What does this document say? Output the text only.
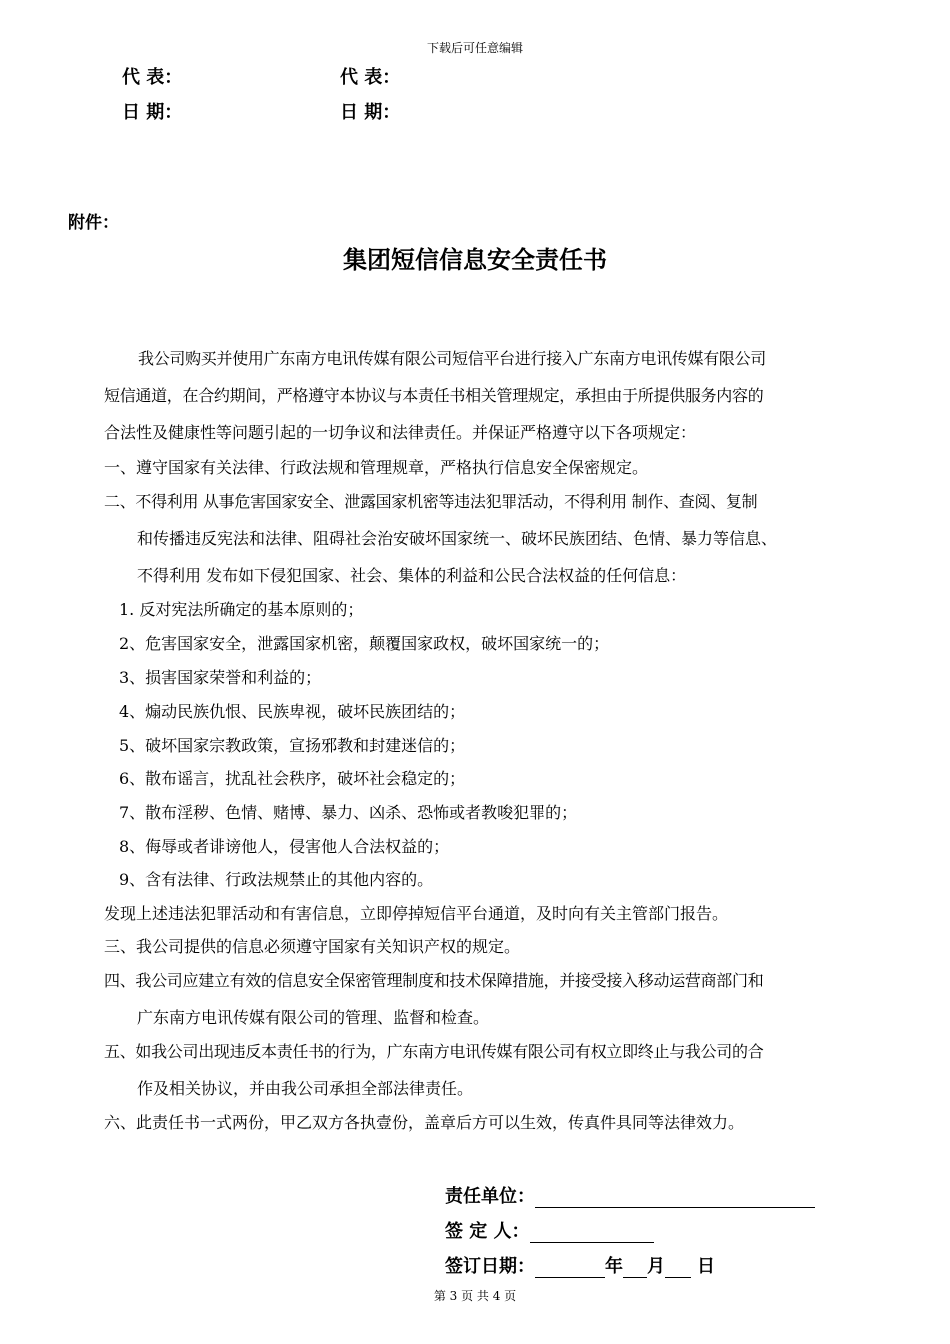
下载后可任意编辑
代 表：	代 表：
日 期：	日 期：
附件：
集团短信信息安全责任书
我公司购买并使用广东南方电讯传媒有限公司短信平台进行接入广东南方电讯传媒有限公司
短信通道，在合约期间，严格遵守本协议与本责任书相关管理规定，承担由于所提供服务内容的
合法性及健康性等问题引起的一切争议和法律责任。并保证严格遵守以下各项规定：
一、遵守国家有关法律、行政法规和管理规章，严格执行信息安全保密规定。
二、不得利用 从事危害国家安全、泄露国家机密等违法犯罪活动，不得利用 制作、查阅、复制
和传播违反宪法和法律、阻碍社会治安破坏国家统一、破坏民族团结、色情、暴力等信息、
不得利用 发布如下侵犯国家、社会、集体的利益和公民合法权益的任何信息：
1. 反对宪法所确定的基本原则的；
2、危害国家安全，泄露国家机密，颠覆国家政权，破坏国家统一的；
3、损害国家荣誉和利益的；
4、煽动民族仇恨、民族卑视，破坏民族团结的；
5、破坏国家宗教政策，宣扬邪教和封建迷信的；
6、散布谣言，扰乱社会秩序，破坏社会稳定的；
7、散布淫秽、色情、赌博、暴力、凶杀、恐怖或者教唆犯罪的；
8、侮辱或者诽谤他人，侵害他人合法权益的；
9、含有法律、行政法规禁止的其他内容的。
发现上述违法犯罪活动和有害信息，立即停掉短信平台通道，及时向有关主管部门报告。
三、我公司提供的信息必须遵守国家有关知识产权的规定。
四、我公司应建立有效的信息安全保密管理制度和技术保障措施，并接受接入移动运营商部门和
广东南方电讯传媒有限公司的管理、监督和检查。
五、如我公司出现违反本责任书的行为，广东南方电讯传媒有限公司有权立即终止与我公司的合
作及相关协议，并由我公司承担全部法律责任。
六、此责任书一式两份，甲乙双方各执壹份，盖章后方可以生效，传真件具同等法律效力。
责任单位：
签 定 人：
签订日期：	年 月 日
第 3 页 共 4 页
